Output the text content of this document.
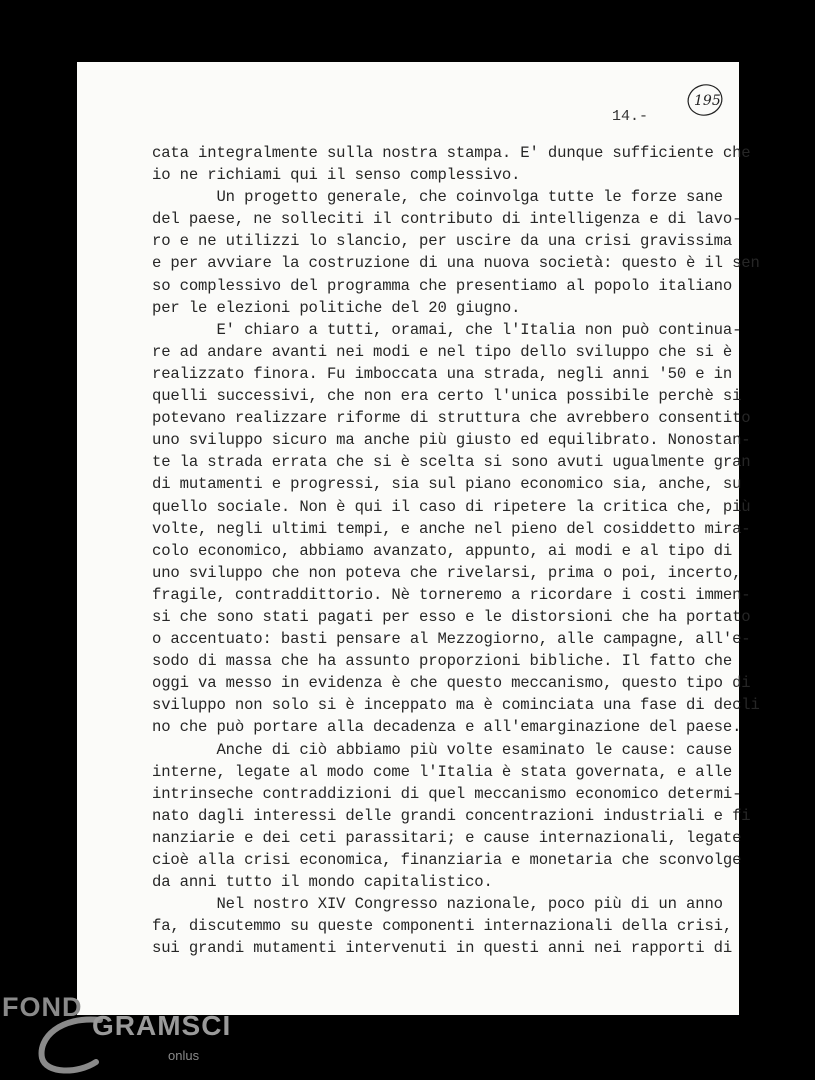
195
14.-
cata integralmente sulla nostra stampa. E' dunque sufficiente che
io ne richiami qui il senso complessivo.
Un progetto generale, che coinvolga tutte le forze sane
del paese, ne solleciti il contributo di intelligenza e di lavo-
ro e ne utilizzi lo slancio, per uscire da una crisi gravissima
e per avviare la costruzione di una nuova società: questo è il sen
so complessivo del programma che presentiamo al popolo italiano
per le elezioni politiche del 20 giugno.
E' chiaro a tutti, oramai, che l'Italia non può continua-
re ad andare avanti nei modi e nel tipo dello sviluppo che si è
realizzato finora. Fu imboccata una strada, negli anni '50 e in
quelli successivi, che non era certo l'unica possibile perchè si
potevano realizzare riforme di struttura che avrebbero consentito
uno sviluppo sicuro ma anche più giusto ed equilibrato. Nonostan-
te la strada errata che si è scelta si sono avuti ugualmente gran
di mutamenti e progressi, sia sul piano economico sia, anche, su
quello sociale. Non è qui il caso di ripetere la critica che, più
volte, negli ultimi tempi, e anche nel pieno del cosiddetto mira-
colo economico, abbiamo avanzato, appunto, ai modi e al tipo di
uno sviluppo che non poteva che rivelarsi, prima o poi, incerto,
fragile, contraddittorio. Nè torneremo a ricordare i costi immen-
si che sono stati pagati per esso e le distorsioni che ha portato
o accentuato: basti pensare al Mezzogiorno, alle campagne, all'e-
sodo di massa che ha assunto proporzioni bibliche. Il fatto che
oggi va messo in evidenza è che questo meccanismo, questo tipo di
sviluppo non solo si è inceppato ma è cominciata una fase di decli
no che può portare alla decadenza e all'emarginazione del paese.
Anche di ciò abbiamo più volte esaminato le cause: cause
interne, legate al modo come l'Italia è stata governata, e alle
intrinseche contraddizioni di quel meccanismo economico determi-
nato dagli interessi delle grandi concentrazioni industriali e fi
nanziarie e dei ceti parassitari; e cause internazionali, legate
cioè alla crisi economica, finanziaria e monetaria che sconvolge
da anni tutto il mondo capitalistico.
Nel nostro XIV Congresso nazionale, poco più di un anno
fa, discutemmo su queste componenti internazionali della crisi,
sui grandi mutamenti intervenuti in questi anni nei rapporti di
FOND
GRAMSCI
onlus
